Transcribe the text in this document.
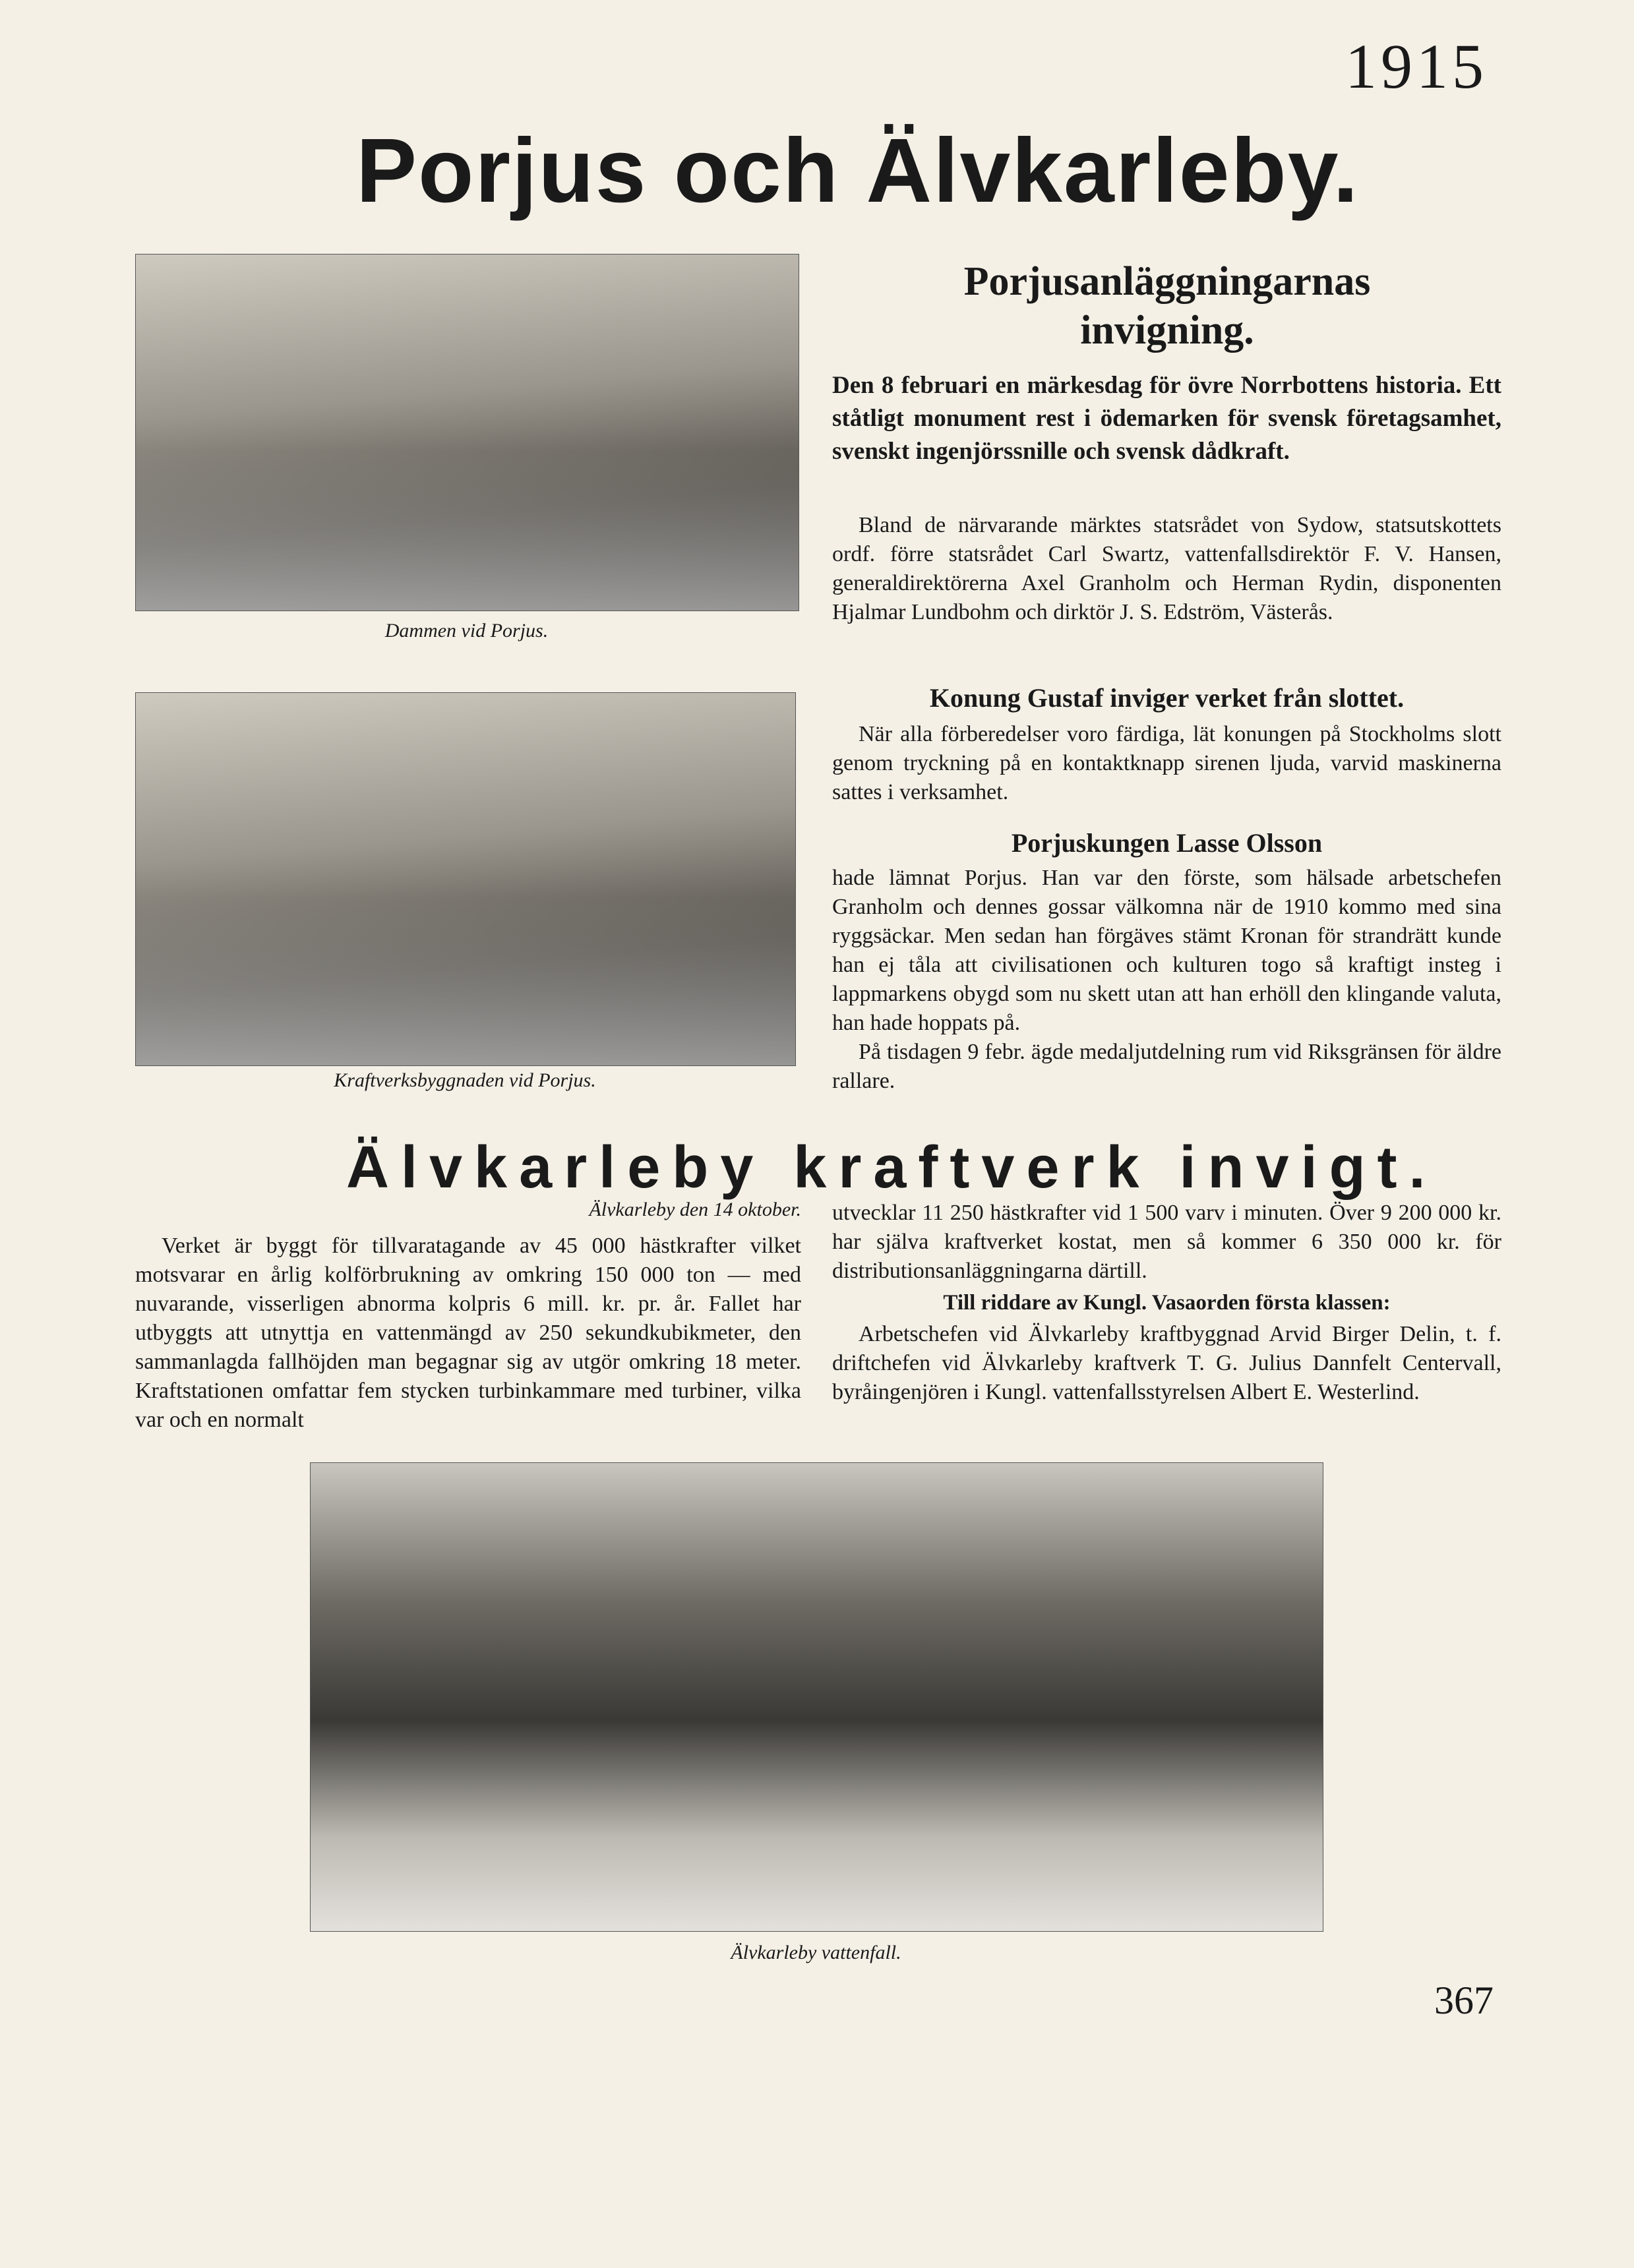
1915
Porjus och Älvkarleby.
Dammen vid Porjus.
Kraftverksbyggnaden vid Porjus.
Porjusanläggningarnas invigning.

Den 8 februari en märkesdag för övre Norrbottens historia. Ett ståtligt monument rest i ödemarken för svensk företagsamhet, svenskt ingenjörssnille och svensk dådkraft.

Bland de närvarande märktes statsrådet von Sydow, statsutskottets ordf. förre statsrådet Carl Swartz, vattenfallsdirektör F. V. Hansen, generaldirektörerna Axel Granholm och Herman Rydin, disponenten Hjalmar Lundbohm och dirktör J. S. Edström, Västerås.

Konung Gustaf inviger verket från slottet.

När alla förberedelser voro färdiga, lät konungen på Stockholms slott genom tryckning på en kontaktknapp sirenen ljuda, varvid maskinerna sattes i verksamhet.

Porjuskungen Lasse Olsson

hade lämnat Porjus. Han var den förste, som hälsade arbetschefen Granholm och dennes gossar välkomna när de 1910 kommo med sina ryggsäckar. Men sedan han förgäves stämt Kronan för strandrätt kunde han ej tåla att civilisationen och kulturen togo så kraftigt insteg i lappmarkens obygd som nu skett utan att han erhöll den klingande valuta, han hade hoppats på.

På tisdagen 9 febr. ägde medaljutdelning rum vid Riksgränsen för äldre rallare.

Älvkarleby kraftverk invigt.
Älvkarleby den 14 oktober.

Verket är byggt för tillvaratagande av 45 000 hästkrafter vilket motsvarar en årlig kolförbrukning av omkring 150 000 ton — med nuvarande, visserligen abnorma kolpris 6 mill. kr. pr. år. Fallet har utbyggts att utnyttja en vattenmängd av 250 sekundkubikmeter, den sammanlagda fallhöjden man begagnar sig av utgör omkring 18 meter. Kraftstationen omfattar fem stycken turbinkammare med turbiner, vilka var och en normalt

utvecklar 11 250 hästkrafter vid 1 500 varv i minuten. Över 9 200 000 kr. har själva kraftverket kostat, men så kommer 6 350 000 kr. för distributionsanläggningarna därtill.

Till riddare av Kungl. Vasaorden första klassen:

Arbetschefen vid Älvkarleby kraftbyggnad Arvid Birger Delin, t. f. driftchefen vid Älvkarleby kraftverk T. G. Julius Dannfelt Centervall, byråingenjören i Kungl. vattenfallsstyrelsen Albert E. Westerlind.

Älvkarleby vattenfall.
367
